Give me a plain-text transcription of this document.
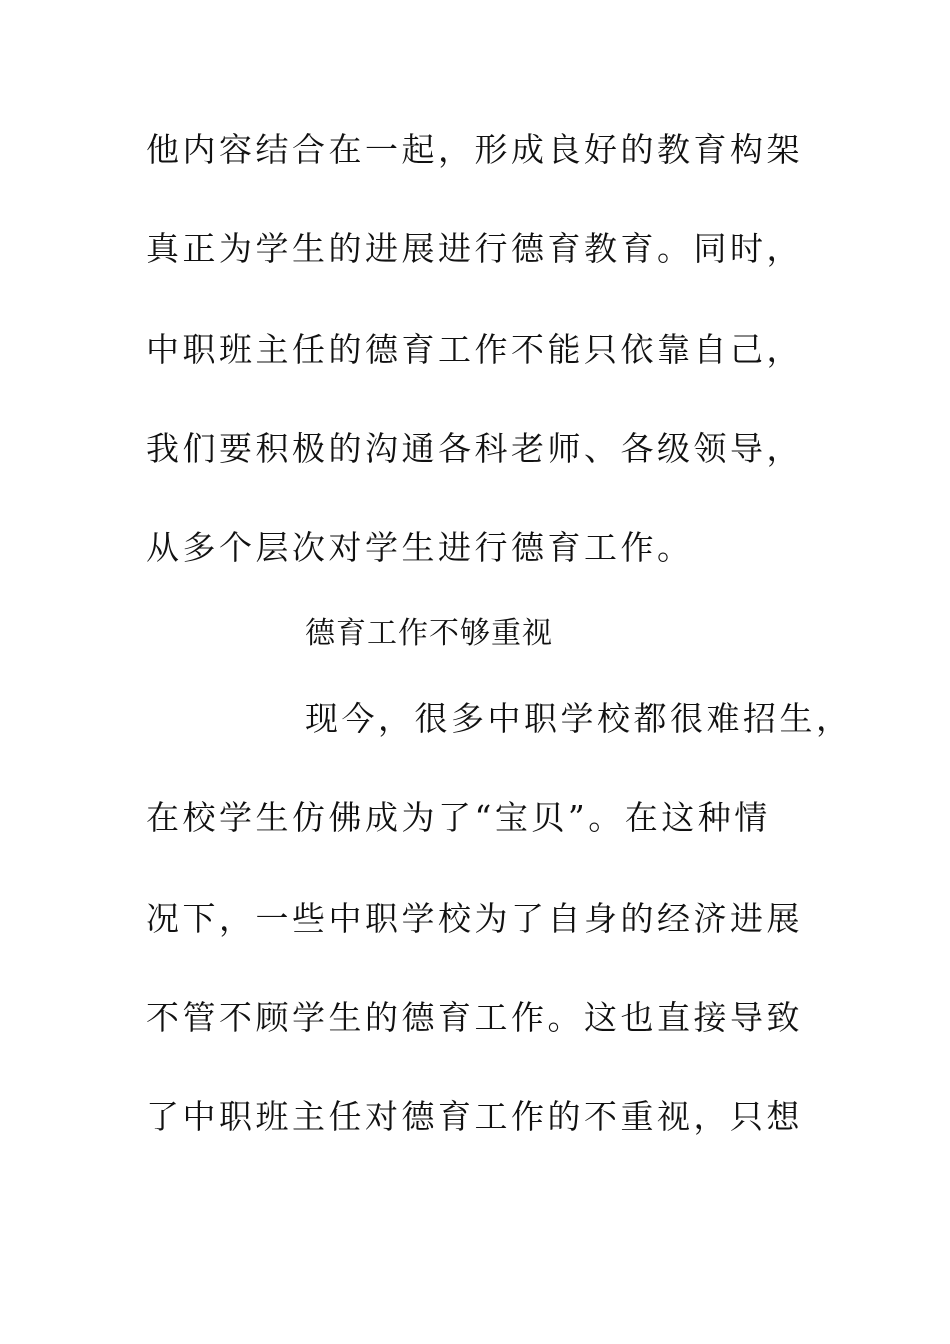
他内容结合在一起，形成良好的教育构架
真正为学生的进展进行德育教育。同时，
中职班主任的德育工作不能只依靠自己，
我们要积极的沟通各科老师、各级领导，
从多个层次对学生进行德育工作。
德育工作不够重视
现今，很多中职学校都很难招生，
在校学生仿佛成为了“宝贝”。在这种情
况下，一些中职学校为了自身的经济进展
不管不顾学生的德育工作。这也直接导致
了中职班主任对德育工作的不重视，只想
